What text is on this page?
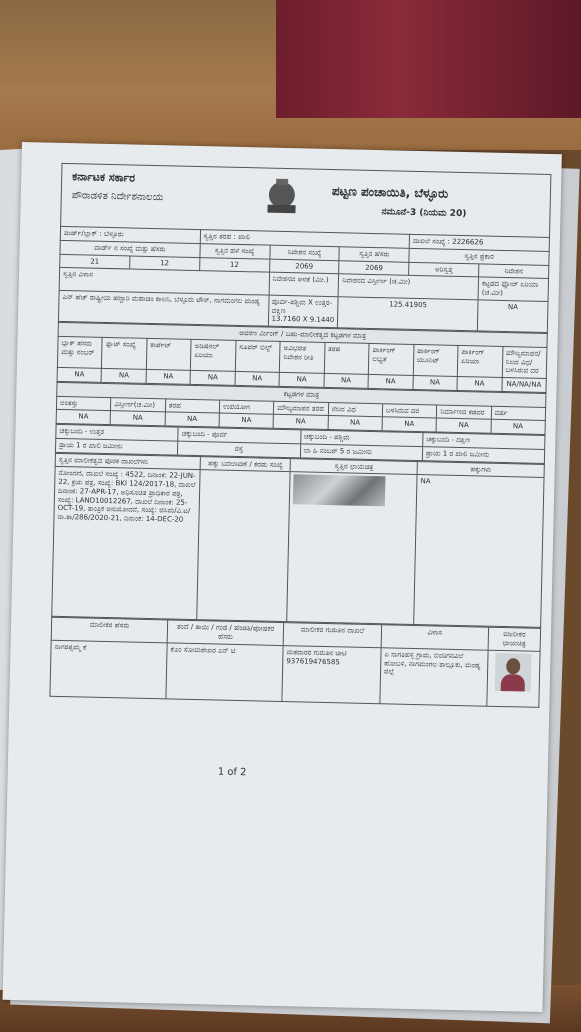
ಕರ್ನಾಟಕ ಸರ್ಕಾರ
ಪೌರಾಡಳಿತ ನಿರ್ದೇಶನಾಲಯ	ಪಟ್ಟಣ ಪಂಚಾಯಿತಿ, ಬೆಳ್ಳೂರು
ನಮೂನೆ-3 (ನಿಯಮ 20)
ವಾರ್ಡ್/ಬ್ಲಾಕ್ : ಬೆಳ್ಳೂರು		ಸ್ವತ್ತಿನ ತರಹ : ಖಾಲಿ			ದಾಖಲೆ ಸಂಖ್ಯೆ : 2226626	
ವಾರ್ಡ್ ನ ಸಂಖ್ಯೆ ಮತ್ತು ಹೆಸರು		ಸ್ವತ್ತಿನ ಹಳೆ ಸಂಖ್ಯೆ	ನಿವೇಶನ ಸಂಖ್ಯೆ	ಸ್ವತ್ತಿನ ಹೆಸರು	ಸ್ವತ್ತಿನ ಪ್ರಕಾರ	
21	12	12	2069	2069	ಅರಿಸ್ವತ್ತ	ನಿವೇಶನ
ಸ್ವತ್ತಿನ ವಿಳಾಸ			ನಿವೇಶನದ ಅಳತೆ (ಮೀ.)	ನಿವೇಶನದ ವಿಸ್ತೀರ್ಣ (ಚ.ಮೀ)		ಕಟ್ಟಡದ ಫ್ಲೋರ್ ಏರಿಯಾ (ಚ.ಮೀ)
ಎನ್ ಹೆಚ್ ರಾಷ್ಟ್ರೀಯ ಹೆದ್ದಾರಿ ಮಹಾಚಿಂ ಕಾಲನಿ, ಬೆಳ್ಳೂರು ಟೌನ್, ನಾಗಮಂಗಲ ಮಂಡ್ಯ			ಪೂರ್ವ-ಪಶ್ಚಿಮ X ಉತ್ತರ-ದಕ್ಷಿಣ
13.7160 X 9.1440	125.41905		NA
ಆವರಣ ರ್ಮಿಂಗ್ / ಬಹು-ಮಾಲೀಕತ್ವದ ಕಟ್ಟಡಗಳ ಮಾತ್ರ										
ಬ್ಲಾಕ್ ಹೆಸರು ಮತ್ತು ನಂಬರ್	ಫ್ಲಾಟ್ ಸಂಖ್ಯೆ	ಕಾರ್ಪೆಟ್	ಅಡಿಷನಲ್ ಏರಿಯಾ	ಸೂಪರ್ ಬಿಲ್ಟ್	ಅವಿಭಜಿತ ನಿವೇಶನ ರೀತಿ	ತರಹ	ಪಾರ್ಕಿಂಗ್ ಲಭ್ಯತೆ	ಪಾರ್ಕಿಂಗ್ ಯೂನಿಟ್	ಪಾರ್ಕಿಂಗ್ ಏರಿಯಾ	ಮೌಲ್ಯಮಾಪನ/ನಿಲದ ವಿಧ/ಬಳಸಿರುವ ದರ
NA	NA	NA	NA	NA	NA	NA	NA	NA	NA	NA/NA/NA
ಕಟ್ಟಡಗಳ ಮಾತ್ರ								
ಅಂತಸ್ತು	ವಿಸ್ತೀರ್ಣ(ಚ.ಮೀ)	ತರಹ	ಉಪಯೋಗ	ಮೌಲ್ಯಮಾಪನ ತರಹ	ನೆಲದ ವಿಧ	ಬಳಸಿರುವ ದರ	ನಿರ್ಮಾಣದ ಕಡವರ	ವರ್ಷ
NA	NA	NA	NA	NA	NA	NA	NA	NA
ಚಕ್ಕುಬಂದಿ - ಉತ್ತರ	ಚಕ್ಕುಬಂದಿ - ಪೂರ್ವ	ಚಕ್ಕುಬಂದಿ - ಪಶ್ಚಿಮ	ಚಕ್ಕುಬಂದಿ - ದಕ್ಷಿಣ
ಡ್ರಾಯ 1 ರ ಖಾಲಿ ಜಮೀನು	ರಸ್ತೆ	ಲಾ ಹಿ ನಂಬರ್ 5 ರ ಜಮೀನು	ಡ್ರಾಯ 1 ರ ಖಾಲಿ ಜಮೀನು
ಸ್ವತ್ತಿನ ಮಾಲೀಕತ್ವದ ಪೂರಕ ದಾಖಲೆಗಳು	ಹಕ್ಕು ಬದಲಾವಣೆ / ಕರಡು ಸಂಖ್ಯೆ	ಸ್ವತ್ತಿನ ಛಾಯಚಿತ್ರ	ಹಕ್ಕುಗಳು
ನೋಂದಣಿ, ದಾಖಲೆ ಸಂಖ್ಯೆ : 4522, ದಿನಾಂಕ: 22-JUN-22, ಕ್ರಯ ಪತ್ರ, ಸಂಖ್ಯೆ: BKI 124/2017-18, ದಾಖಲೆ ದಿನಾಂಕ: 27-APR-17, ಅಧಿಸೂಚಿತ ಪ್ರಾಧಿಕಾರ ಪತ್ರ, ಸಂಖ್ಯೆ: LAND10012267, ದಾಖಲೆ ದಿನಾಂಕ: 25-OCT-19, ತಾಂತ್ರಿಕ ಅನುಮೋದನೆ, ಸಂಖ್ಯೆ: ಜಿಸಿಮ/ವಿ.ಟ/ನಾ.ತಾ/286/2020-21, ದಿನಾಂಕ: 14-DEC-20			NA
ಮಾಲೀಕರ ಹೆಸರು	ತಂದೆ / ತಾಯಿ / ಗಂಡ / ಹೆಂಡತಿ/ಪೋಷಕರ ಹೆಸರು	ಮಾಲೀಕರ ಗುರುತಿನ ದಾಖಲೆ	ವಿಳಾಸ	ಮಾಲೀಕರ ಛಾಯಚಿತ್ರ
ನಾಗರತ್ನಮ್ಮ ಕೆ	ಕೊಂ ಸೋಮಶೇಖರ ಎನ್ ಟಿ	ಮತದಾರರ ಗುರುತಿನ ಚೀಟಿ 937619476585	ಎ ನಾಗತಿಹಳ್ಳಿ ಗ್ರಾಮ, ಬಿಂಡಿಗನವಿಲೆ ಹೋಬಳಿ, ನಾಗಮಂಗಲ ತಾಲ್ಲೂಕು, ಮಂಡ್ಯ ಜಿಲ್ಲೆ	
1 of 2
